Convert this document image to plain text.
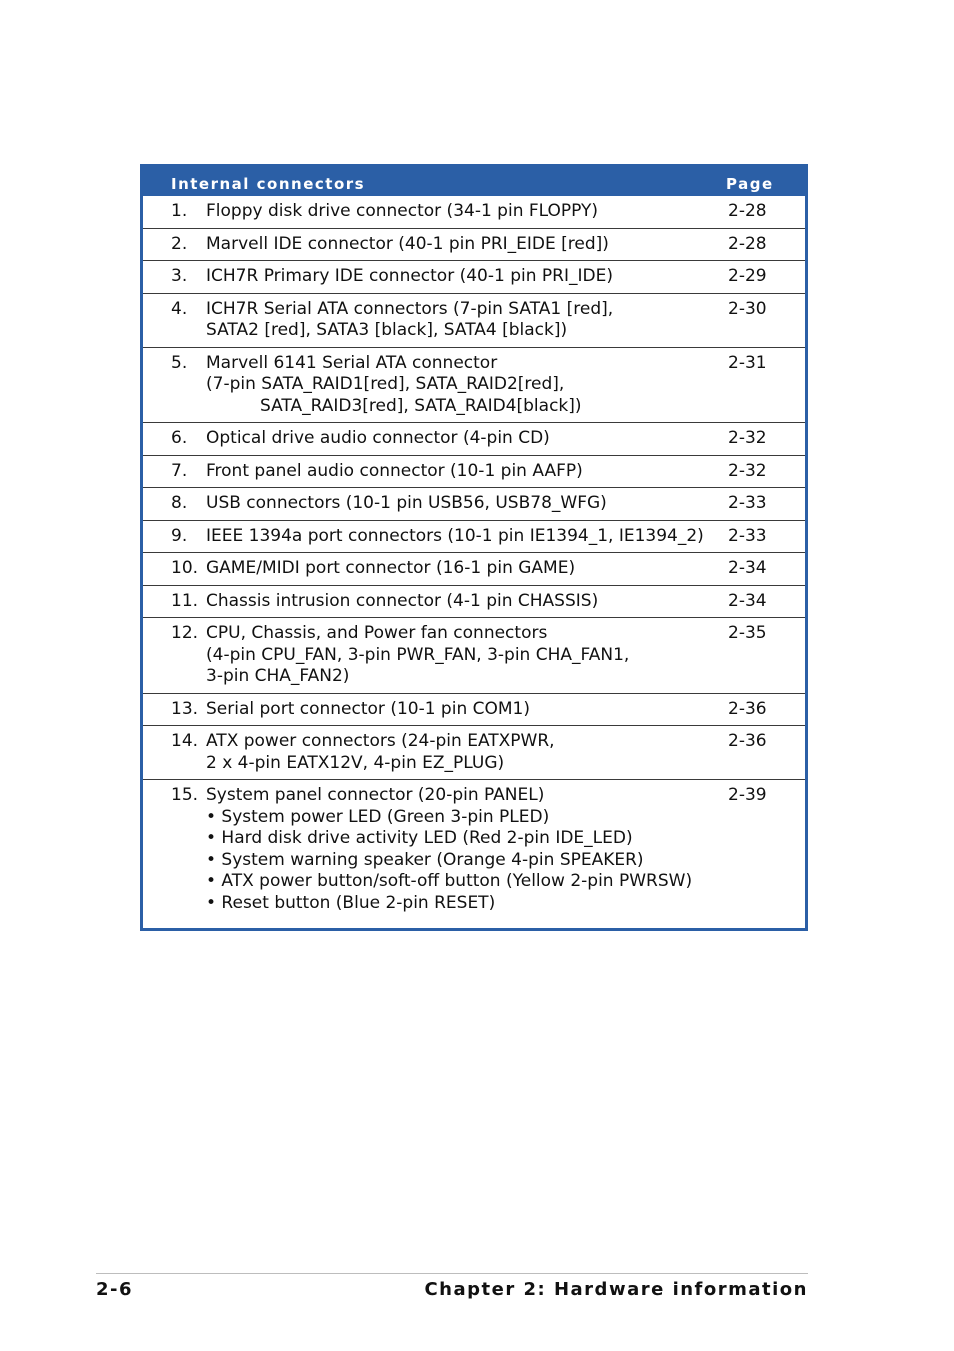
Internal connectors	Page
1. Floppy disk drive connector (34-1 pin FLOPPY)	2-28
2. Marvell IDE connector (40-1 pin PRI_EIDE [red])	2-28
3. ICH7R Primary IDE connector (40-1 pin PRI_IDE)	2-29
4. ICH7R Serial ATA connectors (7-pin SATA1 [red],
SATA2 [red], SATA3 [black], SATA4 [black])
2-30
5. Marvell 6141 Serial ATA connector
(7-pin SATA_RAID1[red], SATA_RAID2[red],
SATA_RAID3[red], SATA_RAID4[black])
2-31
6. Optical drive audio connector (4-pin CD)	2-32
7. Front panel audio connector (10-1 pin AAFP)	2-32
8. USB connectors (10-1 pin USB56, USB78_WFG)	2-33
9. IEEE 1394a port connectors (10-1 pin IE1394_1, IE1394_2)	2-33
10. GAME/MIDI port connector (16-1 pin GAME)	2-34
11. Chassis intrusion connector (4-1 pin CHASSIS)	2-34
12. CPU, Chassis, and Power fan connectors
(4-pin CPU_FAN, 3-pin PWR_FAN, 3-pin CHA_FAN1,
3-pin CHA_FAN2)
2-35
13. Serial port connector (10-1 pin COM1)	2-36
14. ATX power connectors (24-pin EATXPWR,
2 x 4-pin EATX12V, 4-pin EZ_PLUG)
2-36
15. System panel connector (20-pin PANEL)
• System power LED (Green 3-pin PLED)
• Hard disk drive activity LED (Red 2-pin IDE_LED)
• System warning speaker (Orange 4-pin SPEAKER)
• ATX power button/soft-off button (Yellow 2-pin PWRSW)
• Reset button (Blue 2-pin RESET)
2-39
2-6	Chapter 2: Hardware information
